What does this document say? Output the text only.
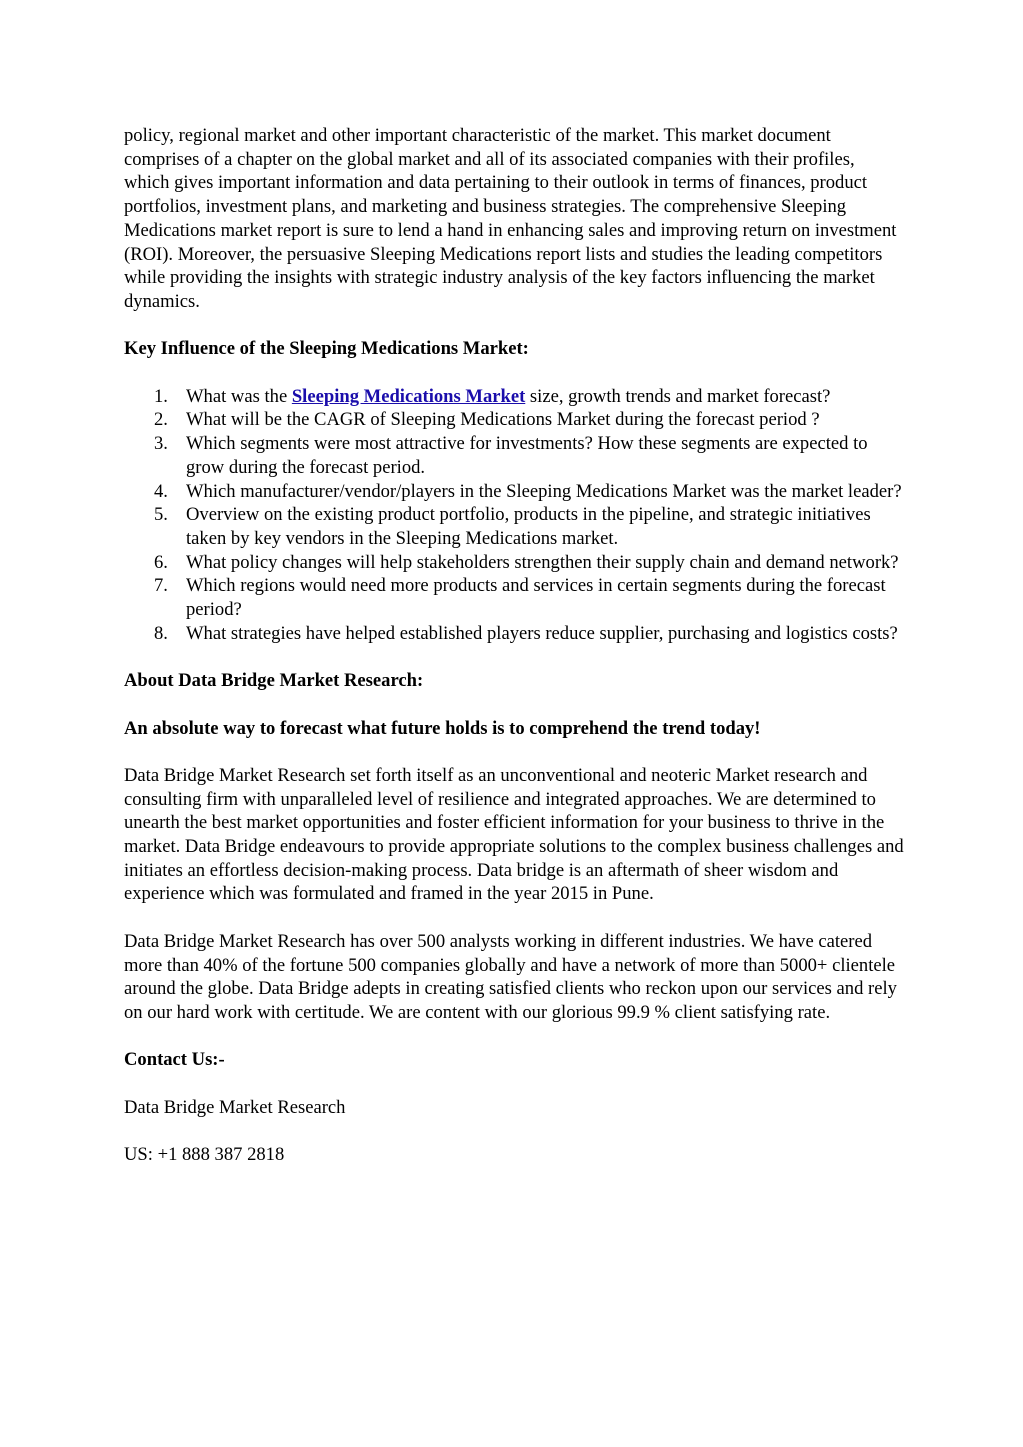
policy, regional market and other important characteristic of the market. This market document comprises of a chapter on the global market and all of its associated companies with their profiles, which gives important information and data pertaining to their outlook in terms of finances, product portfolios, investment plans, and marketing and business strategies. The comprehensive Sleeping Medications market report is sure to lend a hand in enhancing sales and improving return on investment (ROI). Moreover, the persuasive Sleeping Medications report lists and studies the leading competitors while providing the insights with strategic industry analysis of the key factors influencing the market dynamics.

Key Influence of the Sleeping Medications Market:

1. What was the Sleeping Medications Market size, growth trends and market forecast?
2. What will be the CAGR of Sleeping Medications Market during the forecast period ?
3. Which segments were most attractive for investments? How these segments are expected to grow during the forecast period.
4. Which manufacturer/vendor/players in the Sleeping Medications Market was the market leader?
5. Overview on the existing product portfolio, products in the pipeline, and strategic initiatives taken by key vendors in the Sleeping Medications market.
6. What policy changes will help stakeholders strengthen their supply chain and demand network?
7. Which regions would need more products and services in certain segments during the forecast period?
8. What strategies have helped established players reduce supplier, purchasing and logistics costs?

About Data Bridge Market Research:

An absolute way to forecast what future holds is to comprehend the trend today!

Data Bridge Market Research set forth itself as an unconventional and neoteric Market research and consulting firm with unparalleled level of resilience and integrated approaches. We are determined to unearth the best market opportunities and foster efficient information for your business to thrive in the market. Data Bridge endeavours to provide appropriate solutions to the complex business challenges and initiates an effortless decision-making process. Data bridge is an aftermath of sheer wisdom and experience which was formulated and framed in the year 2015 in Pune.

Data Bridge Market Research has over 500 analysts working in different industries. We have catered more than 40% of the fortune 500 companies globally and have a network of more than 5000+ clientele around the globe. Data Bridge adepts in creating satisfied clients who reckon upon our services and rely on our hard work with certitude. We are content with our glorious 99.9 % client satisfying rate.

Contact Us:-

Data Bridge Market Research

US: +1 888 387 2818
